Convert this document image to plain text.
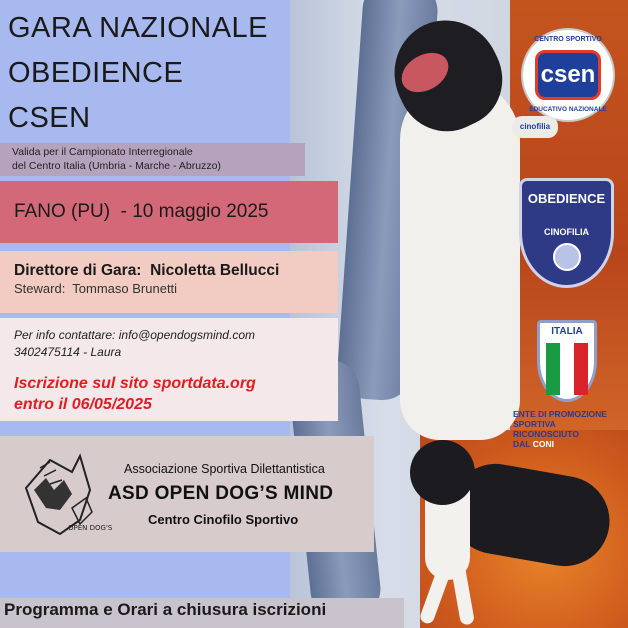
GARA NAZIONALE
OBEDIENCE
CSEN
Valida per il Campionato Interregionale
del Centro Italia (Umbria - Marche - Abruzzo)
FANO (PU)  - 10 maggio 2025
Direttore di Gara:  Nicoletta Bellucci
Steward:  Tommaso Brunetti
Per info contattare: info@opendogsmind.com
3402475114 - Laura
Iscrizione sul sito sportdata.org
entro il 06/05/2025
OPEN DOG'S
Associazione Sportiva Dilettantistica
ASD OPEN DOG’S MIND
Centro Cinofilo Sportivo
Programma e Orari a chiusura iscrizioni
CENTRO SPORTIVO
csen
EDUCATIVO NAZIONALE
cinofilia
OBEDIENCE
CINOFILIA
ITALIA
ENTE DI PROMOZIONE
SPORTIVA
RICONOSCIUTO
DAL CONI
